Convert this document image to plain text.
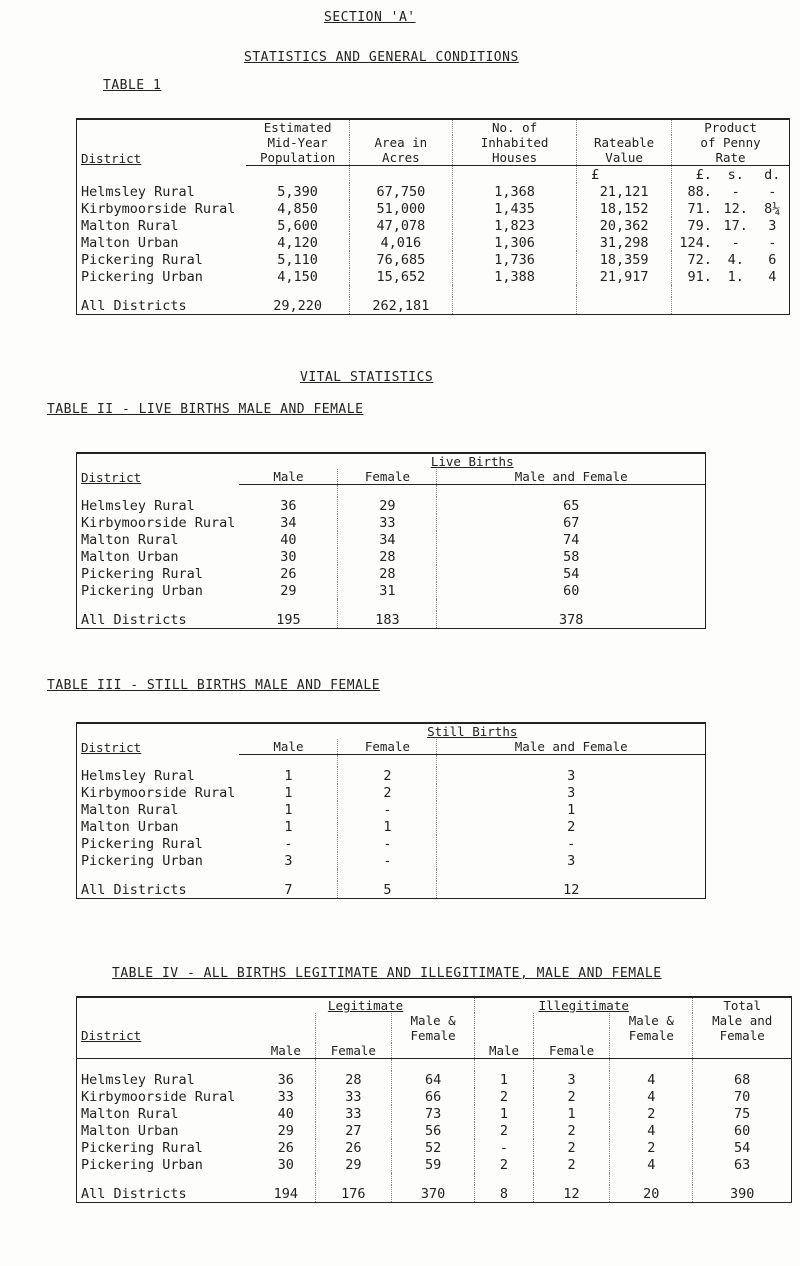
SECTION 'A'
STATISTICS AND GENERAL CONDITIONS
TABLE 1
District	Estimated		No. of		Product		
	Mid-Year	Area in	Inhabited	Rateable	of Penny		
	Population	Acres	Houses	Value	Rate		
				£	£.	s.	d.
Helmsley Rural	5,390	67,750	1,368	21,121	88.	-	-
Kirbymoorside Rural	4,850	51,000	1,435	18,152	71.	12.	8¼
Malton Rural	5,600	47,078	1,823	20,362	79.	17.	3
Malton Urban	4,120	4,016	1,306	31,298	124.	-	-
Pickering Rural	5,110	76,685	1,736	18,359	72.	4.	6
Pickering Urban	4,150	15,652	1,388	21,917	91.	1.	4

All Districts	29,220	262,181					
VITAL STATISTICS
TABLE II - LIVE BIRTHS MALE AND FEMALE
District	Live Births		
	Male	Female	Male and Female

Helmsley Rural	36	29	65
Kirbymoorside Rural	34	33	67
Malton Rural	40	34	74
Malton Urban	30	28	58
Pickering Rural	26	28	54
Pickering Urban	29	31	60

All Districts	195	183	378
TABLE III - STILL BIRTHS MALE AND FEMALE
District	Still Births		
	Male	Female	Male and Female

Helmsley Rural	1	2	3
Kirbymoorside Rural	1	2	3
Malton Rural	1	-	1
Malton Urban	1	1	2
Pickering Rural	-	-	-
Pickering Urban	3	-	3

All Districts	7	5	12
TABLE IV - ALL BIRTHS LEGITIMATE AND ILLEGITIMATE, MALE AND FEMALE
District	Legitimate			Illegitimate			Total
			Male &			Male &	Male and
			Female			Female	Female
	Male	Female		Male	Female		

Helmsley Rural	36	28	64	1	3	4	68
Kirbymoorside Rural	33	33	66	2	2	4	70
Malton Rural	40	33	73	1	1	2	75
Malton Urban	29	27	56	2	2	4	60
Pickering Rural	26	26	52	-	2	2	54
Pickering Urban	30	29	59	2	2	4	63

All Districts	194	176	370	8	12	20	390
